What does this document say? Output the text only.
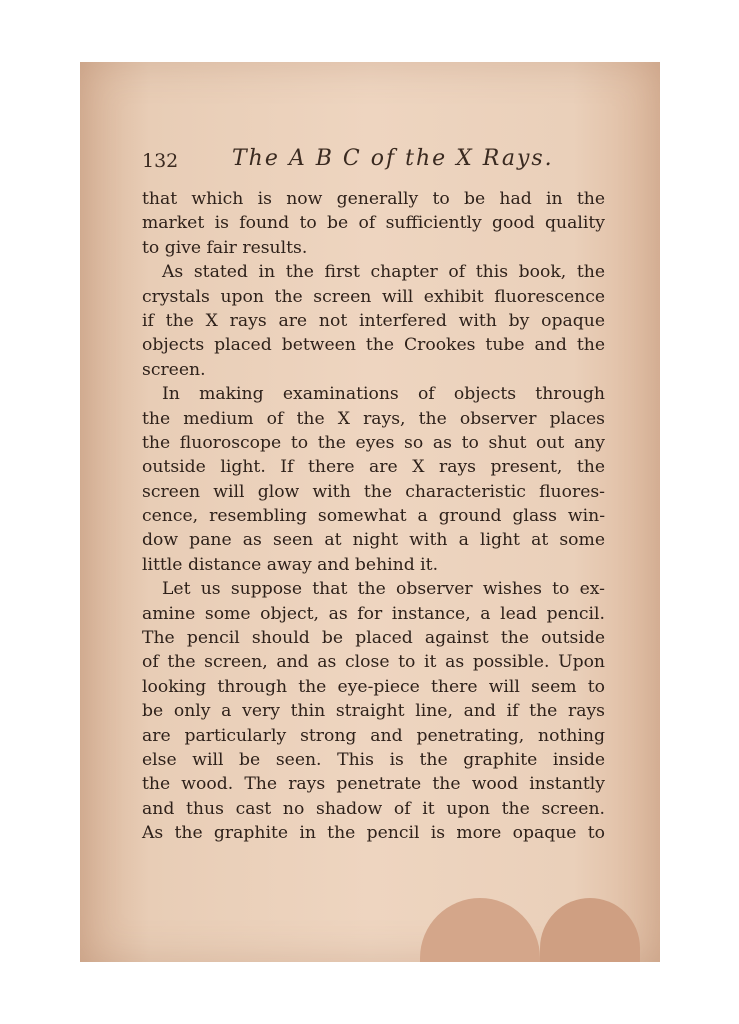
132 The A B C of the X Rays.
that which is now generally to be had in the
market is found to be of sufficiently good quality
to give fair results.
As stated in the first chapter of this book, the
crystals upon the screen will exhibit fluorescence
if the X rays are not interfered with by opaque
objects placed between the Crookes tube and the
screen.
In making examinations of objects through
the medium of the X rays, the observer places
the fluoroscope to the eyes so as to shut out any
outside light. If there are X rays present, the
screen will glow with the characteristic fluores-
cence, resembling somewhat a ground glass win-
dow pane as seen at night with a light at some
little distance away and behind it.
Let us suppose that the observer wishes to ex-
amine some object, as for instance, a lead pencil.
The pencil should be placed against the outside
of the screen, and as close to it as possible. Upon
looking through the eye-piece there will seem to
be only a very thin straight line, and if the rays
are particularly strong and penetrating, nothing
else will be seen. This is the graphite inside
the wood. The rays penetrate the wood instantly
and thus cast no shadow of it upon the screen.
As the graphite in the pencil is more opaque to
